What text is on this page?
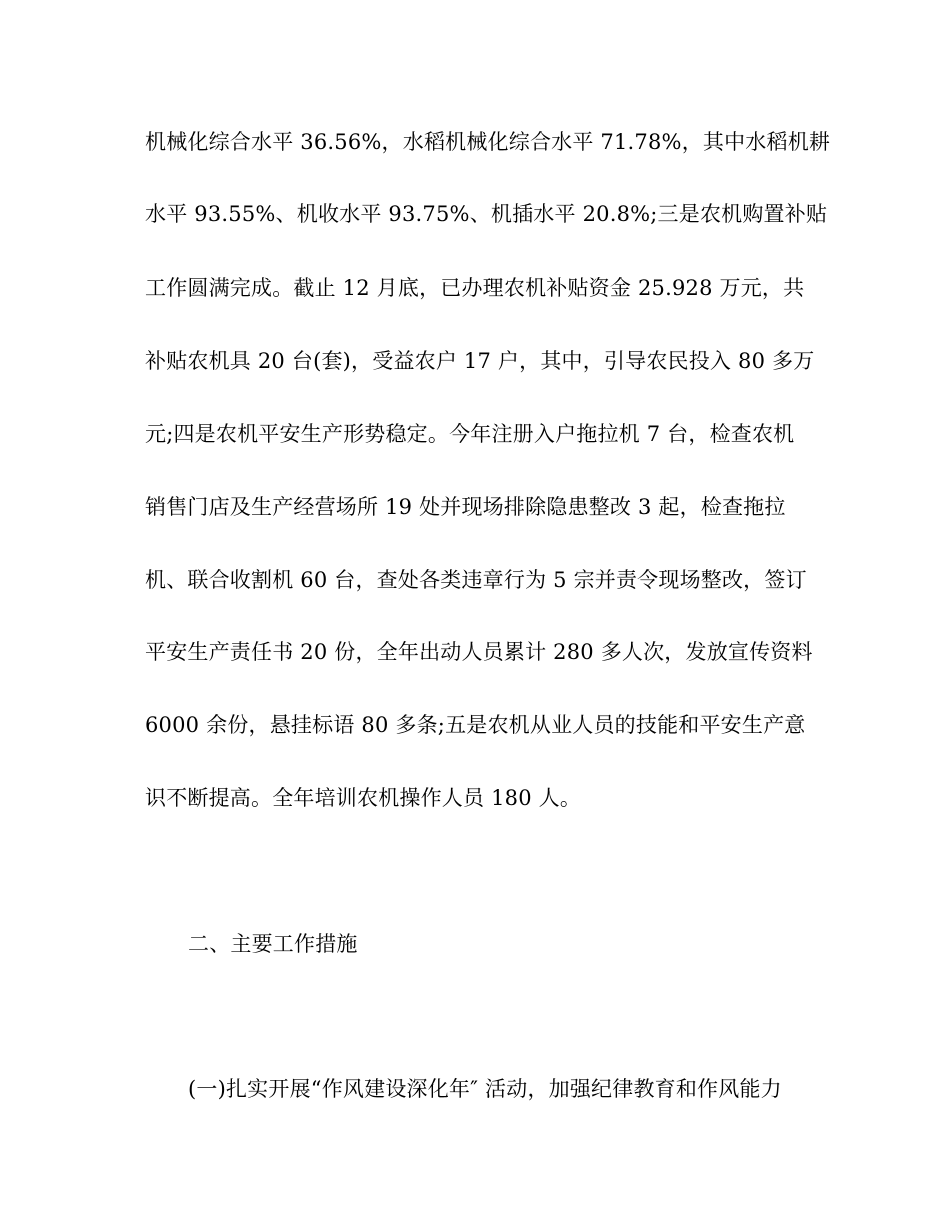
机械化综合水平 36.56%，水稻机械化综合水平 71.78%，其中水稻机耕
水平 93.55%、机收水平 93.75%、机插水平 20.8%;三是农机购置补贴
工作圆满完成。截止 12 月底，已办理农机补贴资金 25.928 万元，共
补贴农机具 20 台(套)，受益农户 17 户，其中，引导农民投入 80 多万
元;四是农机平安生产形势稳定。今年注册入户拖拉机 7 台，检查农机
销售门店及生产经营场所 19 处并现场排除隐患整改 3 起，检查拖拉
机、联合收割机 60 台，查处各类违章行为 5 宗并责令现场整改，签订
平安生产责任书 20 份，全年出动人员累计 280 多人次，发放宣传资料
6000 余份，悬挂标语 80 多条;五是农机从业人员的技能和平安生产意
识不断提高。全年培训农机操作人员 180 人。
二、主要工作措施
(一)扎实开展“作风建设深化年″ 活动，加强纪律教育和作风能力
